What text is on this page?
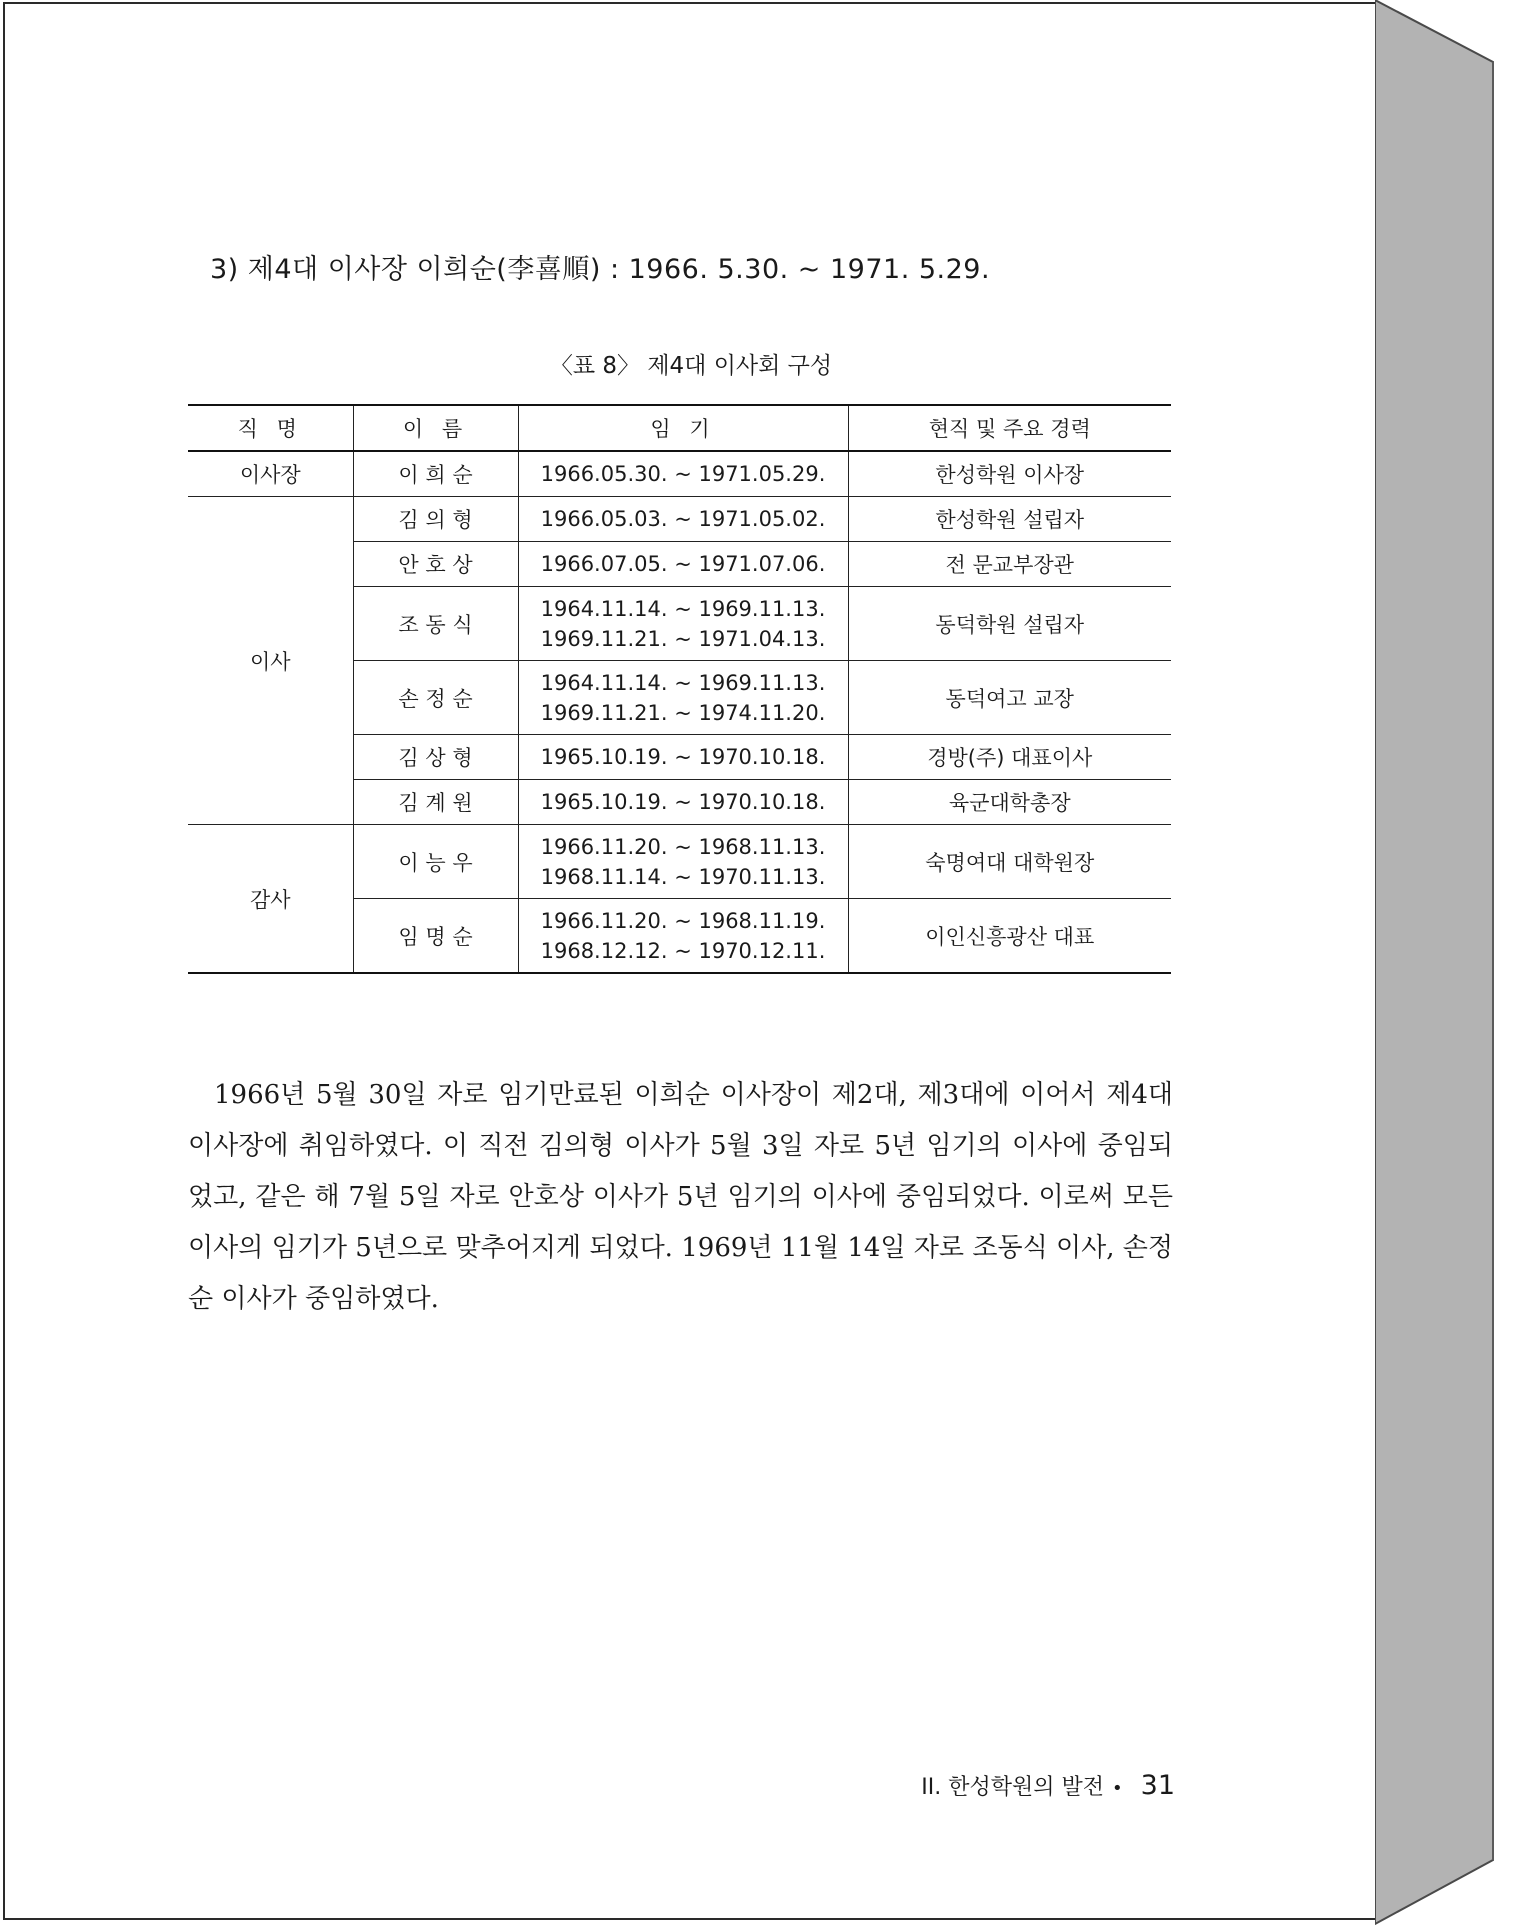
3) 제4대 이사장 이희순(李喜順) : 1966. 5.30. ~ 1971. 5.29.
〈표 8〉 제4대 이사회 구성
직 명	이 름	임 기	현직 및 주요 경력
이사장	이 희 순	1966.05.30. ~ 1971.05.29.	한성학원 이사장
이사	김 의 형	1966.05.03. ~ 1971.05.02.	한성학원 설립자
	안 호 상	1966.07.05. ~ 1971.07.06.	전 문교부장관
	조 동 식	1964.11.14. ~ 1969.11.13.
1969.11.21. ~ 1971.04.13.	동덕학원 설립자
	손 정 순	1964.11.14. ~ 1969.11.13.
1969.11.21. ~ 1974.11.20.	동덕여고 교장
	김 상 형	1965.10.19. ~ 1970.10.18.	경방(주) 대표이사
	김 계 원	1965.10.19. ~ 1970.10.18.	육군대학총장
감사	이 능 우	1966.11.20. ~ 1968.11.13.
1968.11.14. ~ 1970.11.13.	숙명여대 대학원장
	임 명 순	1966.11.20. ~ 1968.11.19.
1968.12.12. ~ 1970.12.11.	이인신흥광산 대표

1966년 5월 30일 자로 임기만료된 이희순 이사장이 제2대, 제3대에 이어서 제4대 이사장에 취임하였다. 이 직전 김의형 이사가 5월 3일 자로 5년 임기의 이사에 중임되었고, 같은 해 7월 5일 자로 안호상 이사가 5년 임기의 이사에 중임되었다. 이로써 모든 이사의 임기가 5년으로 맞추어지게 되었다. 1969년 11월 14일 자로 조동식 이사, 손정순 이사가 중임하였다.

II. 한성학원의 발전 • 31
